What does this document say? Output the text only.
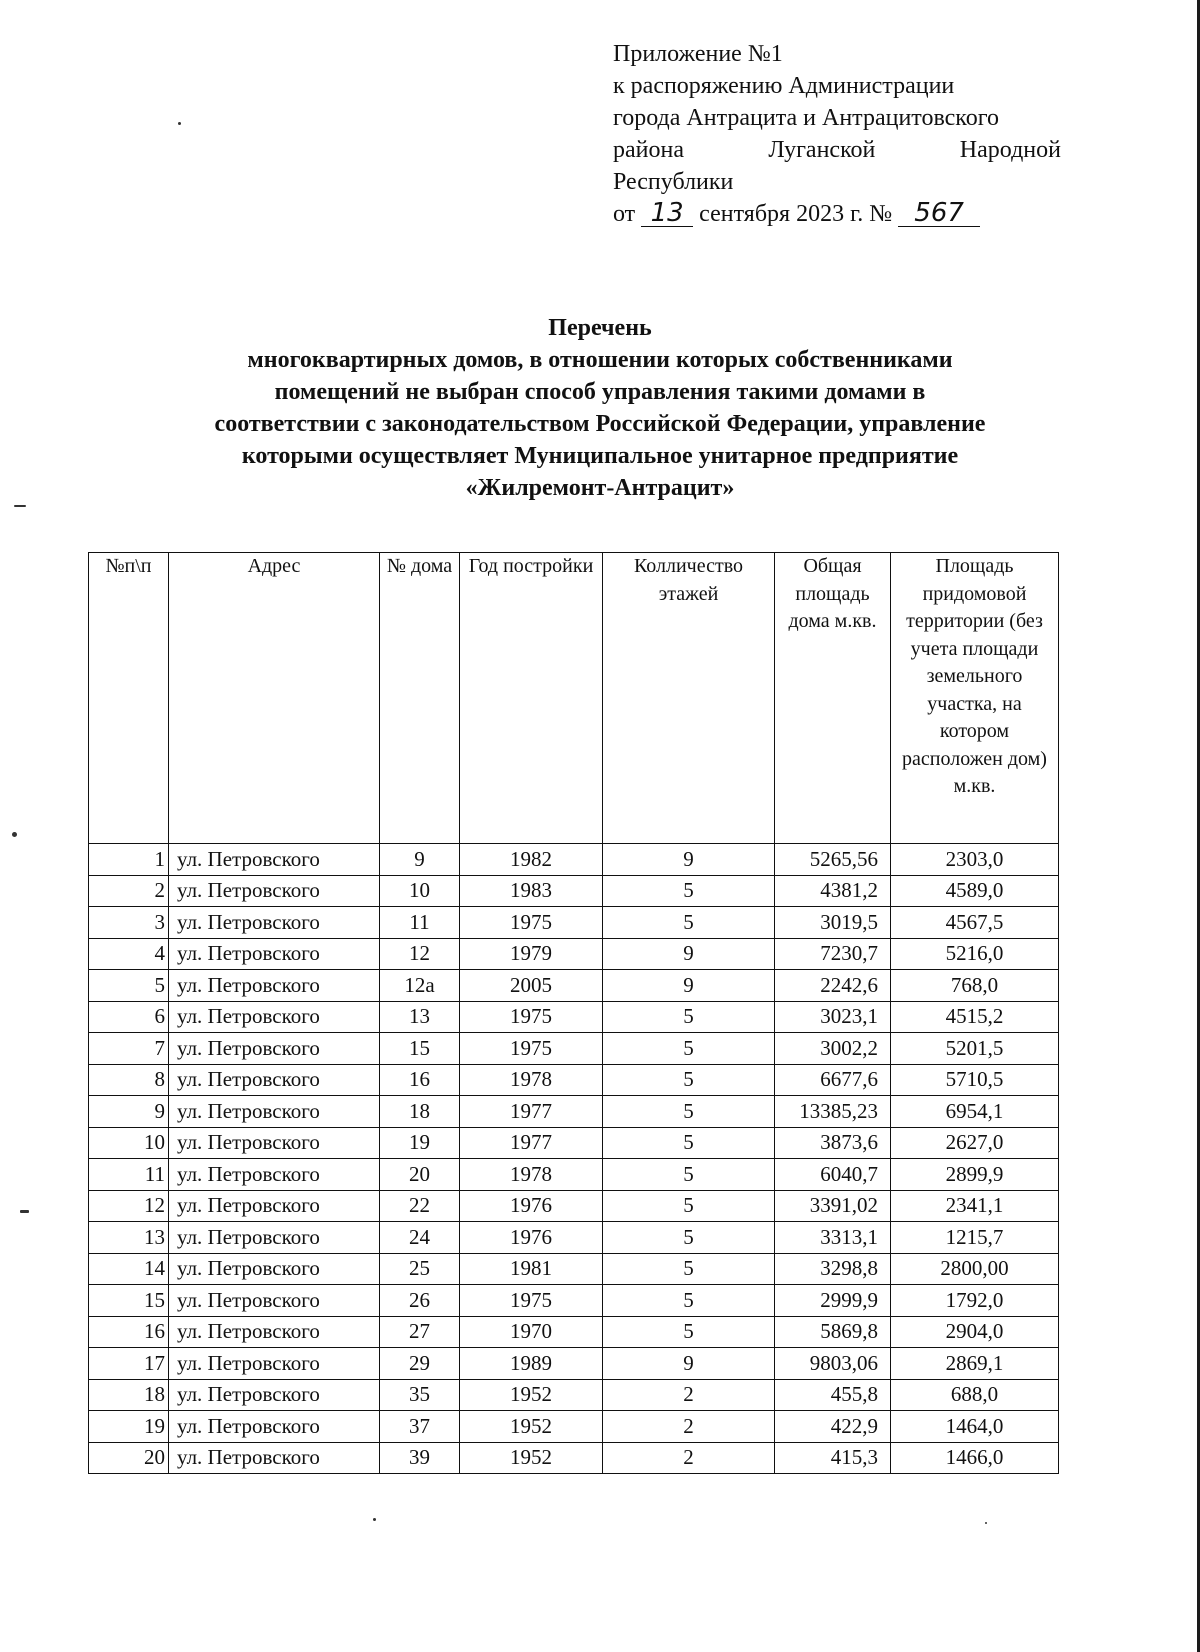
Приложение №1
к распоряжению Администрации
города Антрацита и Антрацитовского
района	Луганской	Народной
Республики
от 13 сентября 2023 г. № 567
Перечень
многоквартирных домов, в отношении которых собственниками
помещений не выбран способ управления такими домами в
соответствии с законодательством Российской Федерации, управление
которыми осуществляет Муниципальное унитарное предприятие
«Жилремонт-Антрацит»
№п\п	Адрес	№ дома	Год постройки	Колличество этажей	Общая площадь дома м.кв.	Площадь придомовой территории (без учета площади земельного участка, на котором расположен дом) м.кв.
1	ул. Петровского	9	1982	9	5265,56	2303,0
2	ул. Петровского	10	1983	5	4381,2	4589,0
3	ул. Петровского	11	1975	5	3019,5	4567,5
4	ул. Петровского	12	1979	9	7230,7	5216,0
5	ул. Петровского	12а	2005	9	2242,6	768,0
6	ул. Петровского	13	1975	5	3023,1	4515,2
7	ул. Петровского	15	1975	5	3002,2	5201,5
8	ул. Петровского	16	1978	5	6677,6	5710,5
9	ул. Петровского	18	1977	5	13385,23	6954,1
10	ул. Петровского	19	1977	5	3873,6	2627,0
11	ул. Петровского	20	1978	5	6040,7	2899,9
12	ул. Петровского	22	1976	5	3391,02	2341,1
13	ул. Петровского	24	1976	5	3313,1	1215,7
14	ул. Петровского	25	1981	5	3298,8	2800,00
15	ул. Петровского	26	1975	5	2999,9	1792,0
16	ул. Петровского	27	1970	5	5869,8	2904,0
17	ул. Петровского	29	1989	9	9803,06	2869,1
18	ул. Петровского	35	1952	2	455,8	688,0
19	ул. Петровского	37	1952	2	422,9	1464,0
20	ул. Петровского	39	1952	2	415,3	1466,0
